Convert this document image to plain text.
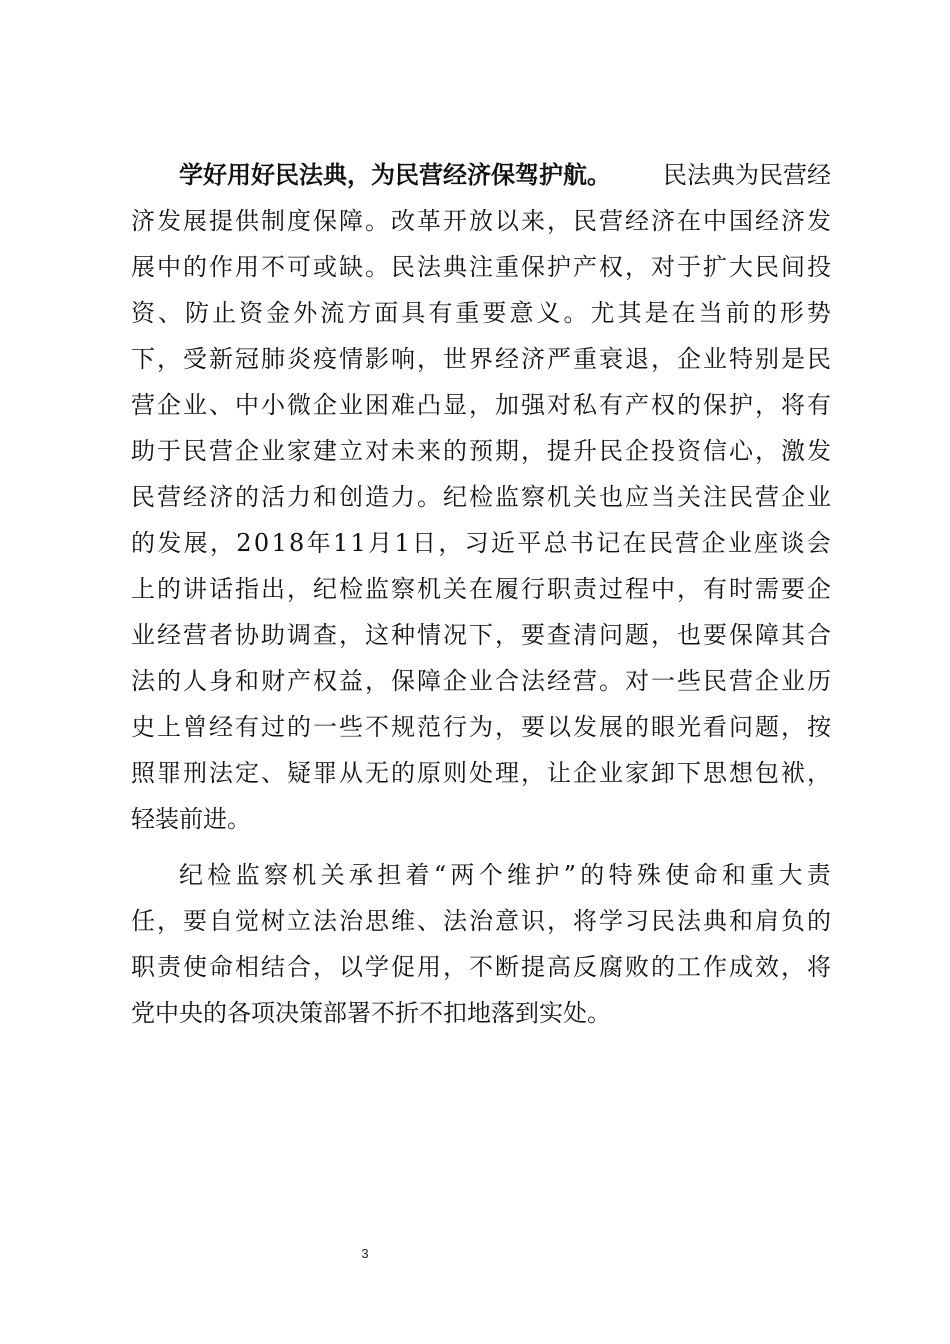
学好用好民法典，为民营经济保驾护航。 民法典为民营经
济 发 展 提 供 制 度 保 障 。 改 革 开 放 以 来 ， 民 营 经 济 在 中 国 经 济 发
展 中 的 作 用 不 可 或 缺 。 民 法 典 注 重 保 护 产 权 ， 对 于 扩 大 民 间 投
资 、 防 止 资 金 外 流 方 面 具 有 重 要 意 义 。 尤 其 是 在 当 前 的 形 势
下 ， 受 新 冠 肺 炎 疫 情 影 响 ， 世 界 经 济 严 重 衰 退 ， 企 业 特 别 是 民
营 企 业 、 中 小 微 企 业 困 难 凸 显 ， 加 强 对 私 有 产 权 的 保 护 ， 将 有
助 于 民 营 企 业 家 建 立 对 未 来 的 预 期 ， 提 升 民 企 投 资 信 心 ， 激 发
民 营 经 济 的 活 力 和 创 造 力 。 纪 检 监 察 机 关 也 应 当 关 注 民 营 企 业
的 发 展 ， 2 0 1 8 年 1 1 月 1 日 ， 习 近 平 总 书 记 在 民 营 企 业 座 谈 会
上 的 讲 话 指 出 ， 纪 检 监 察 机 关 在 履 行 职 责 过 程 中 ， 有 时 需 要 企
业 经 营 者 协 助 调 查 ， 这 种 情 况 下 ， 要 查 清 问 题 ， 也 要 保 障 其 合
法 的 人 身 和 财 产 权 益 ， 保 障 企 业 合 法 经 营 。 对 一 些 民 营 企 业 历
史 上 曾 经 有 过 的 一 些 不 规 范 行 为 ， 要 以 发 展 的 眼 光 看 问 题 ， 按
照 罪 刑 法 定 、 疑 罪 从 无 的 原 则 处 理 ， 让 企 业 家 卸 下 思 想 包 袱 ，
轻装前进。
纪 检 监 察 机 关 承 担 着 “ 两 个 维 护 ” 的 特 殊 使 命 和 重 大 责
任 ， 要 自 觉 树 立 法 治 思 维 、 法 治 意 识 ， 将 学 习 民 法 典 和 肩 负 的
职 责 使 命 相 结 合 ， 以 学 促 用 ， 不 断 提 高 反 腐 败 的 工 作 成 效 ， 将
党中央的各项决策部署不折不扣地落到实处。
3
